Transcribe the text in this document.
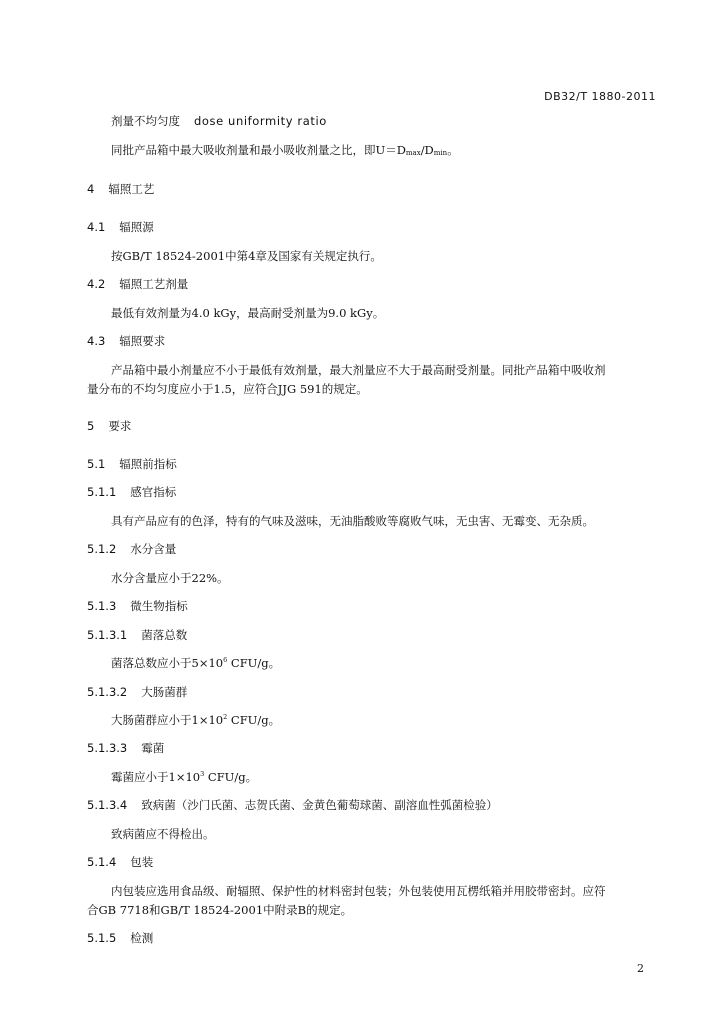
DB32/T 1880-2011
剂量不均匀度 dose uniformity ratio
同批产品箱中最大吸收剂量和最小吸收剂量之比，即$U=D_{max}/D_{min}$。
4 辐照工艺
4.1 辐照源
按GB/T 18524-2001中第4章及国家有关规定执行。
4.2 辐照工艺剂量
最低有效剂量为4.0 kGy，最高耐受剂量为9.0 kGy。
4.3 辐照要求
产品箱中最小剂量应不小于最低有效剂量，最大剂量应不大于最高耐受剂量。同批产品箱中吸收剂
量分布的不均匀度应小于1.5，应符合JJG 591的规定。
5 要求
5.1 辐照前指标
5.1.1 感官指标
具有产品应有的色泽，特有的气味及滋味，无油脂酸败等腐败气味，无虫害、无霉变、无杂质。
5.1.2 水分含量
水分含量应小于22%。
5.1.3 微生物指标
5.1.3.1 菌落总数
菌落总数应小于$5\times 10^6$ CFU/g。
5.1.3.2 大肠菌群
大肠菌群应小于$1\times 10^2$ CFU/g。
5.1.3.3 霉菌
霉菌应小于$1\times 10^3$ CFU/g。
5.1.3.4 致病菌（沙门氏菌、志贺氏菌、金黄色葡萄球菌、副溶血性弧菌检验）
致病菌应不得检出。
5.1.4 包装
内包装应选用食品级、耐辐照、保护性的材料密封包装；外包装使用瓦楞纸箱并用胶带密封。应符
合GB 7718和GB/T 18524-2001中附录B的规定。
5.1.5 检测
2
